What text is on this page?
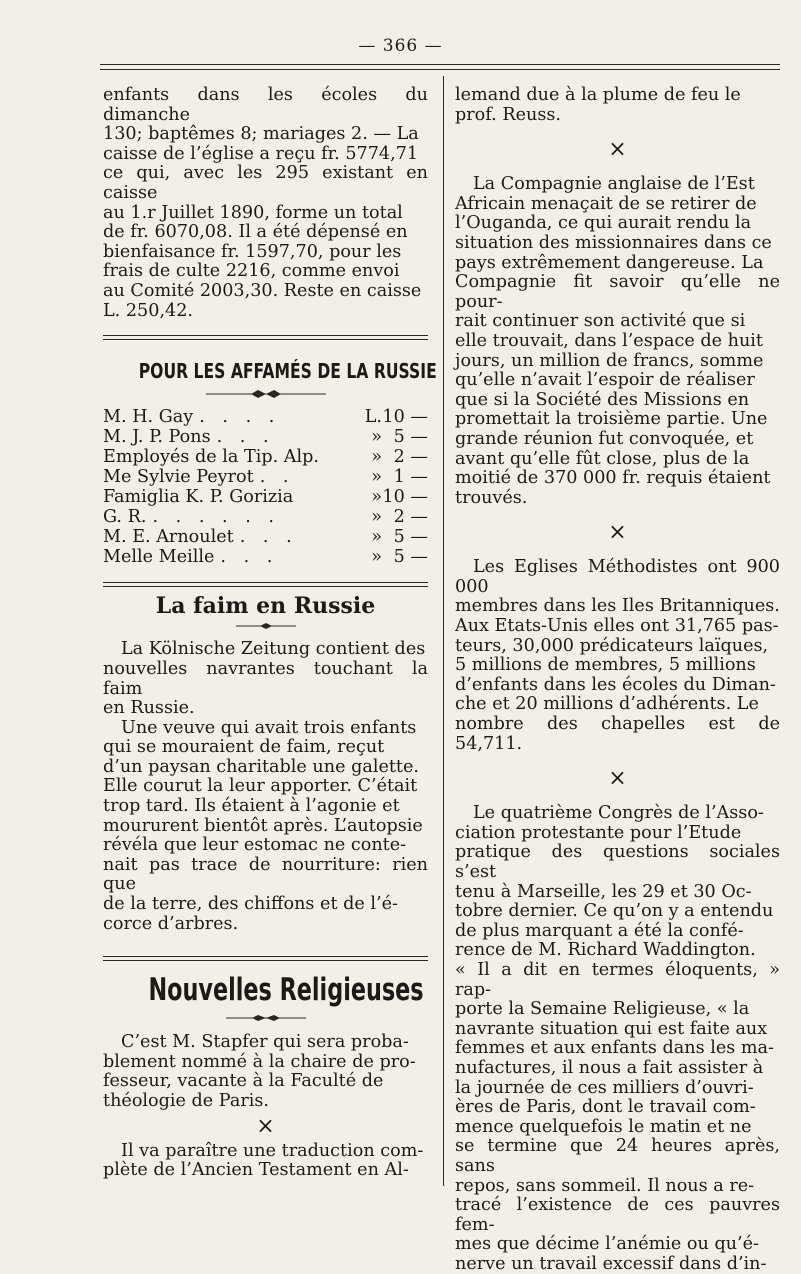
— 366 —
enfants dans les écoles du dimanche
130; baptêmes 8; mariages 2. — La
caisse de l’église a reçu fr. 5774,71
ce qui, avec les 295 existant en caisse
au 1.r Juillet 1890, forme un total
de fr. 6070,08. Il a été dépensé en
bienfaisance fr. 1597,70, pour les
frais de culte 2216, comme envoi
au Comité 2003,30. Reste en caisse
L. 250,42.
POUR LES AFFAMÉS DE LA RUSSIE
M. H. Gay . . . .	L. 10 —
M. J. P. Pons . . .	» 5 —
Employés de la Tip. Alp.	» 2 —
Me Sylvie Peyrot . .	» 1 —
Famiglia K. P. Gorizia	» 10 —
G. R. . . . . . .	» 2 —
M. E. Arnoulet . . .	» 5 —
Melle Meille . . .	» 5 —
La faim en Russie
La Kölnische Zeitung contient des
nouvelles navrantes touchant la faim
en Russie.
Une veuve qui avait trois enfants
qui se mouraient de faim, reçut
d’un paysan charitable une galette.
Elle courut la leur apporter. C’était
trop tard. Ils étaient à l’agonie et
moururent bientôt après. L’autopsie
révéla que leur estomac ne conte-
nait pas trace de nourriture: rien que
de la terre, des chiffons et de l’é-
corce d’arbres.
Nouvelles Religieuses
C’est M. Stapfer qui sera proba-
blement nommé à la chaire de pro-
fesseur, vacante à la Faculté de
théologie de Paris.
×
Il va paraître une traduction com-
plète de l’Ancien Testament en Al-
lemand due à la plume de feu le
prof. Reuss.
×
La Compagnie anglaise de l’Est
Africain menaçait de se retirer de
l’Ouganda, ce qui aurait rendu la
situation des missionnaires dans ce
pays extrêmement dangereuse. La
Compagnie fit savoir qu’elle ne pour-
rait continuer son activité que si
elle trouvait, dans l’espace de huit
jours, un million de francs, somme
qu’elle n’avait l’espoir de réaliser
que si la Société des Missions en
promettait la troisième partie. Une
grande réunion fut convoquée, et
avant qu’elle fût close, plus de la
moitié de 370 000 fr. requis étaient
trouvés.
×
Les Eglises Méthodistes ont 900 000
membres dans les Iles Britanniques.
Aux Etats-Unis elles ont 31,765 pas-
teurs, 30,000 prédicateurs laïques,
5 millions de membres, 5 millions
d’enfants dans les écoles du Diman-
che et 20 millions d’adhérents. Le
nombre des chapelles est de 54,711.
×
Le quatrième Congrès de l’Asso-
ciation protestante pour l’Etude
pratique des questions sociales s’est
tenu à Marseille, les 29 et 30 Oc-
tobre dernier. Ce qu’on y a entendu
de plus marquant a été la confé-
rence de M. Richard Waddington.
« Il a dit en termes éloquents, » rap-
porte la Semaine Religieuse, « la
navrante situation qui est faite aux
femmes et aux enfants dans les ma-
nufactures, il nous a fait assister à
la journée de ces milliers d’ouvri-
ères de Paris, dont le travail com-
mence quelquefois le matin et ne
se termine que 24 heures après, sans
repos, sans sommeil. Il nous a re-
tracé l’existence de ces pauvres fem-
mes que décime l’anémie ou qu’é-
nerve un travail excessif dans d’in-
